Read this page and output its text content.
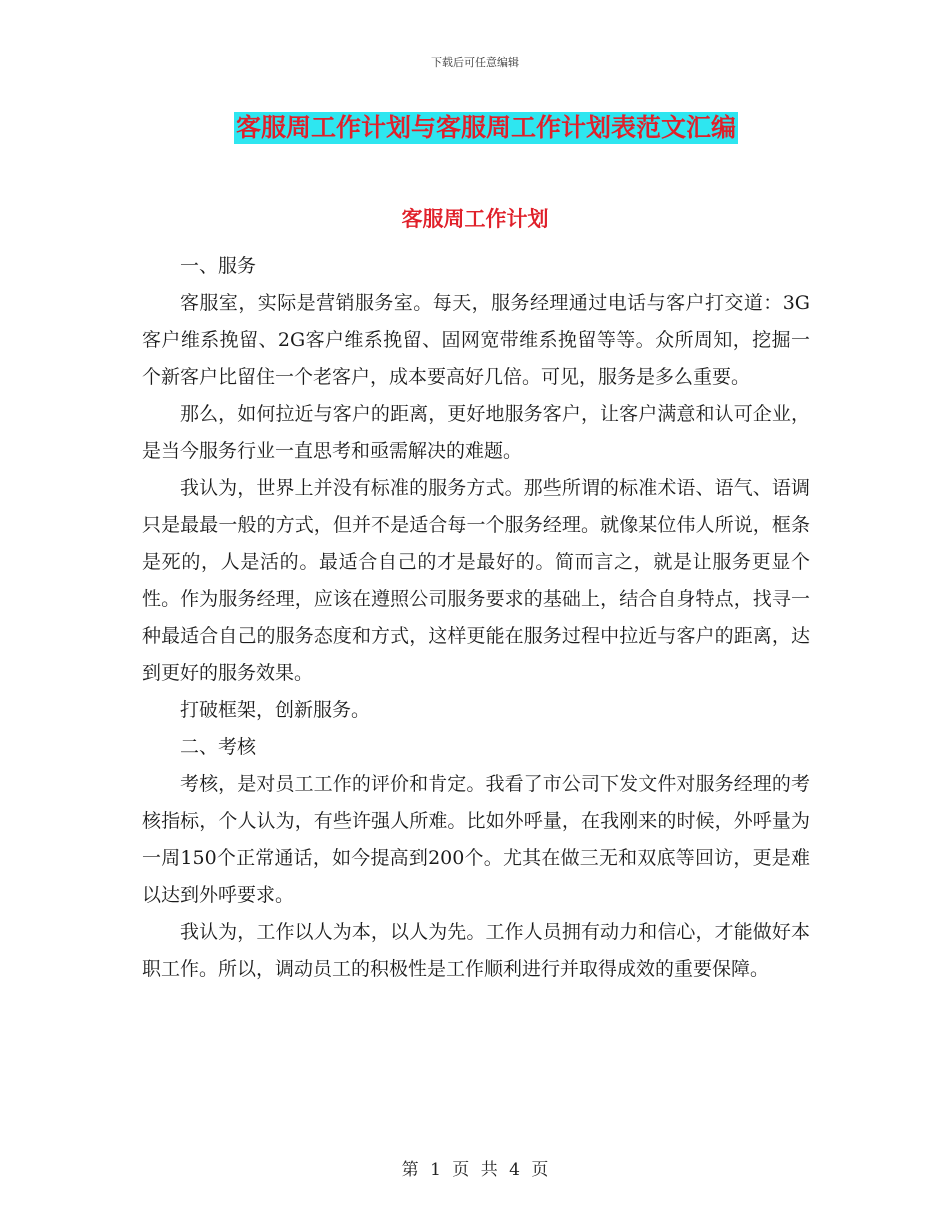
下载后可任意编辑
客服周工作计划与客服周工作计划表范文汇编
客服周工作计划

一、服务

客服室，实际是营销服务室。每天，服务经理通过电话与客户打交道：3G客户维系挽留、2G客户维系挽留、固网宽带维系挽留等等。众所周知，挖掘一个新客户比留住一个老客户，成本要高好几倍。可见，服务是多么重要。

那么，如何拉近与客户的距离，更好地服务客户，让客户满意和认可企业，是当今服务行业一直思考和亟需解决的难题。

我认为，世界上并没有标准的服务方式。那些所谓的标准术语、语气、语调只是最最一般的方式，但并不是适合每一个服务经理。就像某位伟人所说，框条是死的，人是活的。最适合自己的才是最好的。简而言之，就是让服务更显个性。作为服务经理，应该在遵照公司服务要求的基础上，结合自身特点，找寻一种最适合自己的服务态度和方式，这样更能在服务过程中拉近与客户的距离，达到更好的服务效果。

打破框架，创新服务。

二、考核

考核，是对员工工作的评价和肯定。我看了市公司下发文件对服务经理的考核指标，个人认为，有些许强人所难。比如外呼量，在我刚来的时候，外呼量为一周150个正常通话，如今提高到200个。尤其在做三无和双底等回访，更是难以达到外呼要求。

我认为，工作以人为本，以人为先。工作人员拥有动力和信心，才能做好本职工作。所以，调动员工的积极性是工作顺利进行并取得成效的重要保障。

第 1 页 共 4 页
